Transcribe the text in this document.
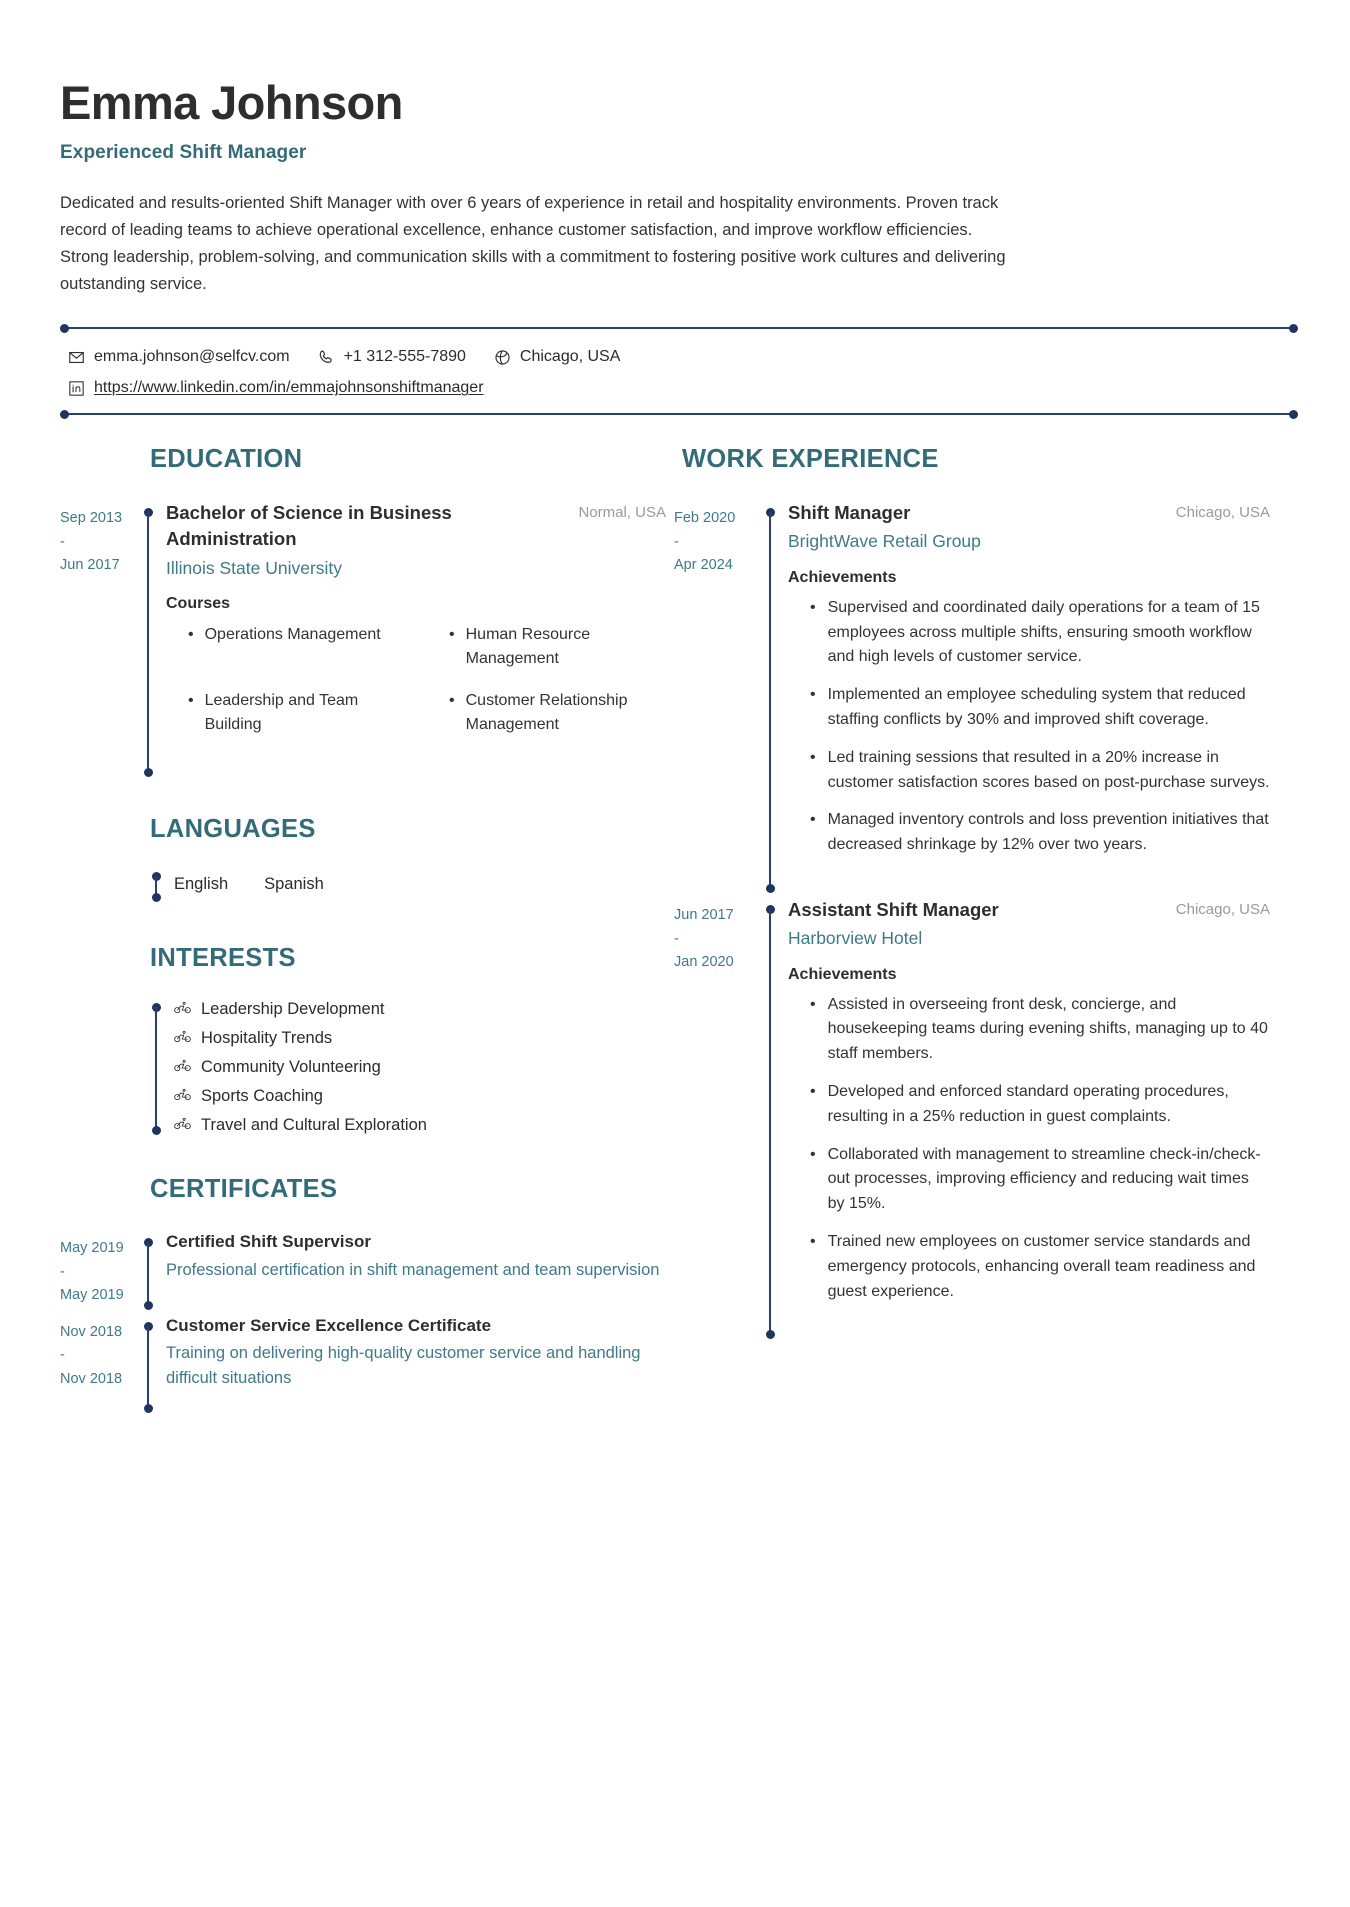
Emma Johnson
Experienced Shift Manager
Dedicated and results-oriented Shift Manager with over 6 years of experience in retail and hospitality environments. Proven track record of leading teams to achieve operational excellence, enhance customer satisfaction, and improve workflow efficiencies. Strong leadership, problem-solving, and communication skills with a commitment to fostering positive work cultures and delivering outstanding service.
emma.johnson@selfcv.com	+1 312-555-7890	Chicago, USA
https://www.linkedin.com/in/emmajohnsonshiftmanager
EDUCATION
Sep 2013
-
Jun 2017
Bachelor of Science in Business Administration
Normal, USA
Illinois State University
Courses
• Operations Management	• Human Resource Management
• Leadership and Team Building
• Customer Relationship Management
LANGUAGES
English Spanish
INTERESTS
Leadership Development
Hospitality Trends
Community Volunteering
Sports Coaching
Travel and Cultural Exploration
CERTIFICATES
May 2019
-
May 2019
Certified Shift Supervisor
Professional certification in shift management and team supervision
Nov 2018
-
Nov 2018
Customer Service Excellence Certificate
Training on delivering high-quality customer service and handling difficult situations
WORK EXPERIENCE
Feb 2020
-
Apr 2024
Shift Manager	Chicago, USA
BrightWave Retail Group
Achievements
• Supervised and coordinated daily operations for a team of 15 employees across multiple shifts, ensuring smooth workflow and high levels of customer service.
• Implemented an employee scheduling system that reduced staffing conflicts by 30% and improved shift coverage.
• Led training sessions that resulted in a 20% increase in customer satisfaction scores based on post-purchase surveys.
• Managed inventory controls and loss prevention initiatives that decreased shrinkage by 12% over two years.
Jun 2017
-
Jan 2020
Assistant Shift Manager	Chicago, USA
Harborview Hotel
Achievements
• Assisted in overseeing front desk, concierge, and housekeeping teams during evening shifts, managing up to 40 staff members.
• Developed and enforced standard operating procedures, resulting in a 25% reduction in guest complaints.
• Collaborated with management to streamline check-in/check-out processes, improving efficiency and reducing wait times by 15%.
• Trained new employees on customer service standards and emergency protocols, enhancing overall team readiness and guest experience.
